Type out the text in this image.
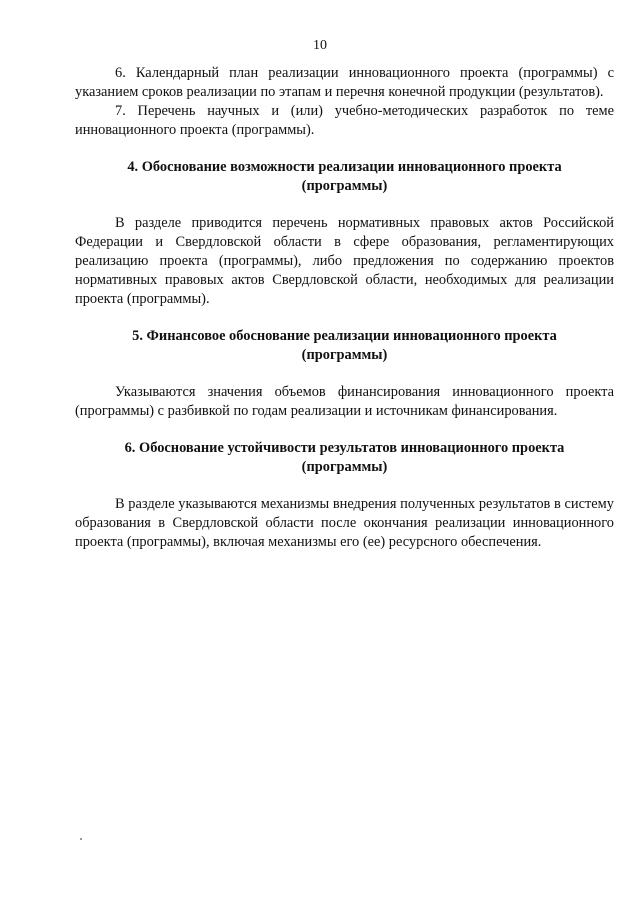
10

6. Календарный план реализации инновационного проекта (программы) с указанием сроков реализации по этапам и перечня конечной продукции (результатов).

7. Перечень научных и (или) учебно-методических разработок по теме инновационного проекта (программы).

4. Обоснование возможности реализации инновационного проекта
(программы)

В разделе приводится перечень нормативных правовых актов Российской Федерации и Свердловской области в сфере образования, регламентирующих реализацию проекта (программы), либо предложения по содержанию проектов нормативных правовых актов Свердловской области, необходимых для реализации проекта (программы).

5. Финансовое обоснование реализации инновационного проекта
(программы)

Указываются значения объемов финансирования инновационного проекта (программы) с разбивкой по годам реализации и источникам финансирования.

6. Обоснование устойчивости результатов инновационного проекта
(программы)

В разделе указываются механизмы внедрения полученных результатов в систему образования в Свердловской области после окончания реализации инновационного проекта (программы), включая механизмы его (ее) ресурсного обеспечения.
